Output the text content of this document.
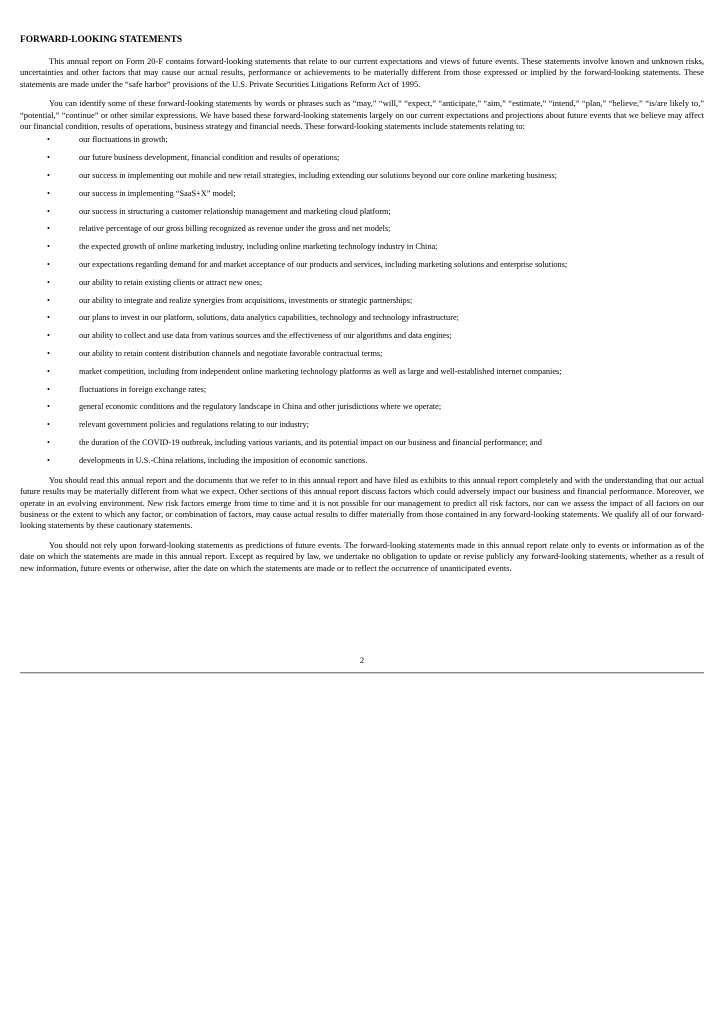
FORWARD-LOOKING STATEMENTS

This annual report on Form 20-F contains forward-looking statements that relate to our current expectations and views of future events. These statements involve known and unknown risks, uncertainties and other factors that may cause our actual results, performance or achievements to be materially different from those expressed or implied by the forward-looking statements. These statements are made under the “safe harbor” provisions of the U.S. Private Securities Litigations Reform Act of 1995.

You can identify some of these forward-looking statements by words or phrases such as “may,” “will,” “expect,” “anticipate,” “aim,” “estimate,” “intend,” “plan,” “believe,” “is/are likely to,” “potential,” “continue” or other similar expressions. We have based these forward-looking statements largely on our current expectations and projections about future events that we believe may affect our financial condition, results of operations, business strategy and financial needs. These forward-looking statements include statements relating to:

•	our fluctuations in growth;
•	our future business development, financial condition and results of operations;
•	our success in implementing our mobile and new retail strategies, including extending our solutions beyond our core online marketing business;
•	our success in implementing “SaaS+X” model;
•	our success in structuring a customer relationship management and marketing cloud platform;
•	relative percentage of our gross billing recognized as revenue under the gross and net models;
•	the expected growth of online marketing industry, including online marketing technology industry in China;
•	our expectations regarding demand for and market acceptance of our products and services, including marketing solutions and enterprise solutions;
•	our ability to retain existing clients or attract new ones;
•	our ability to integrate and realize synergies from acquisitions, investments or strategic partnerships;
•	our plans to invest in our platform, solutions, data analytics capabilities, technology and technology infrastructure;
•	our ability to collect and use data from various sources and the effectiveness of our algorithms and data engines;
•	our ability to retain content distribution channels and negotiate favorable contractual terms;
•	market competition, including from independent online marketing technology platforms as well as large and well-established internet companies;
•	fluctuations in foreign exchange rates;
•	general economic conditions and the regulatory landscape in China and other jurisdictions where we operate;
•	relevant government policies and regulations relating to our industry;
•	the duration of the COVID-19 outbreak, including various variants, and its potential impact on our business and financial performance; and
•	developments in U.S.-China relations, including the imposition of economic sanctions.

You should read this annual report and the documents that we refer to in this annual report and have filed as exhibits to this annual report completely and with the understanding that our actual future results may be materially different from what we expect. Other sections of this annual report discuss factors which could adversely impact our business and financial performance. Moreover, we operate in an evolving environment. New risk factors emerge from time to time and it is not possible for our management to predict all risk factors, nor can we assess the impact of all factors on our business or the extent to which any factor, or combination of factors, may cause actual results to differ materially from those contained in any forward-looking statements. We qualify all of our forward-looking statements by these cautionary statements.

You should not rely upon forward-looking statements as predictions of future events. The forward-looking statements made in this annual report relate only to events or information as of the date on which the statements are made in this annual report. Except as required by law, we undertake no obligation to update or revise publicly any forward-looking statements, whether as a result of new information, future events or otherwise, after the date on which the statements are made or to reflect the occurrence of unanticipated events.

2
